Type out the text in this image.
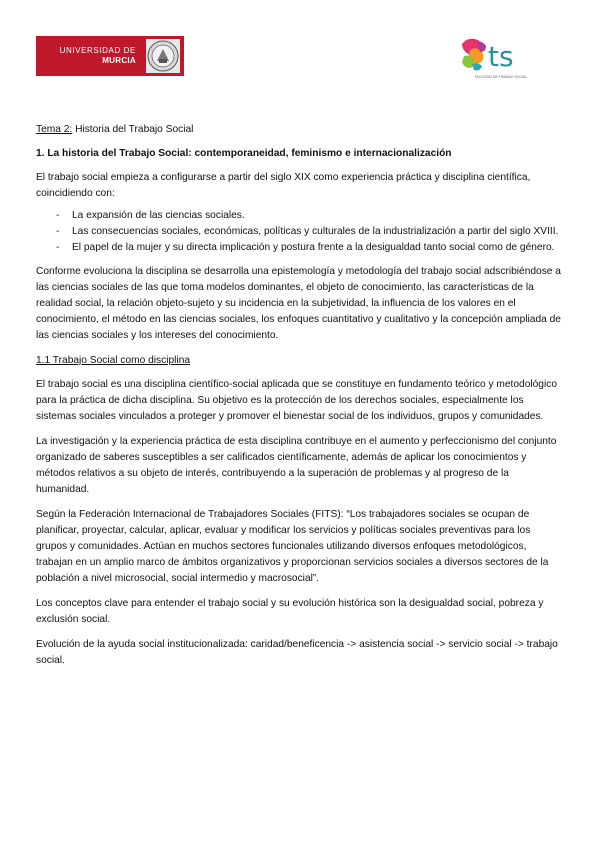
UNIVERSIDAD DE
MURCIA	ts
FACULTAD DE TRABAJO SOCIAL

Tema 2: Historia del Trabajo Social

1. La historia del Trabajo Social: contemporaneidad, feminismo e internacionalización

El trabajo social empieza a configurarse a partir del siglo XIX como experiencia práctica y disciplina científica, coincidiendo con:

- La expansión de las ciencias sociales.
- Las consecuencias sociales, económicas, políticas y culturales de la industrialización a partir del siglo XVIII.
- El papel de la mujer y su directa implicación y postura frente a la desigualdad tanto social como de género.

Conforme evoluciona la disciplina se desarrolla una epistemología y metodología del trabajo social adscribiéndose a las ciencias sociales de las que toma modelos dominantes, el objeto de conocimiento, las características de la realidad social, la relación objeto-sujeto y su incidencia en la subjetividad, la influencia de los valores en el conocimiento, el método en las ciencias sociales, los enfoques cuantitativo y cualitativo y la concepción ampliada de las ciencias sociales y los intereses del conocimiento.

1.1 Trabajo Social como disciplina

El trabajo social es una disciplina científico-social aplicada que se constituye en fundamento teórico y metodológico para la práctica de dicha disciplina. Su objetivo es la protección de los derechos sociales, especialmente los sistemas sociales vinculados a proteger y promover el bienestar social de los individuos, grupos y comunidades.

La investigación y la experiencia práctica de esta disciplina contribuye en el aumento y perfeccionismo del conjunto organizado de saberes susceptibles a ser calificados científicamente, además de aplicar los conocimientos y métodos relativos a su objeto de interés, contribuyendo a la superación de problemas y al progreso de la humanidad.

Según la Federación Internacional de Trabajadores Sociales (FITS): “Los trabajadores sociales se ocupan de planificar, proyectar, calcular, aplicar, evaluar y modificar los servicios y políticas sociales preventivas para los grupos y comunidades. Actúan en muchos sectores funcionales utilizando diversos enfoques metodológicos, trabajan en un amplio marco de ámbitos organizativos y proporcionan servicios sociales a diversos sectores de la población a nivel microsocial, social intermedio y macrosocial”.

Los conceptos clave para entender el trabajo social y su evolución histórica son la desigualdad social, pobreza y exclusión social.

Evolución de la ayuda social institucionalizada: caridad/beneficencia -> asistencia social -> servicio social -> trabajo social.
